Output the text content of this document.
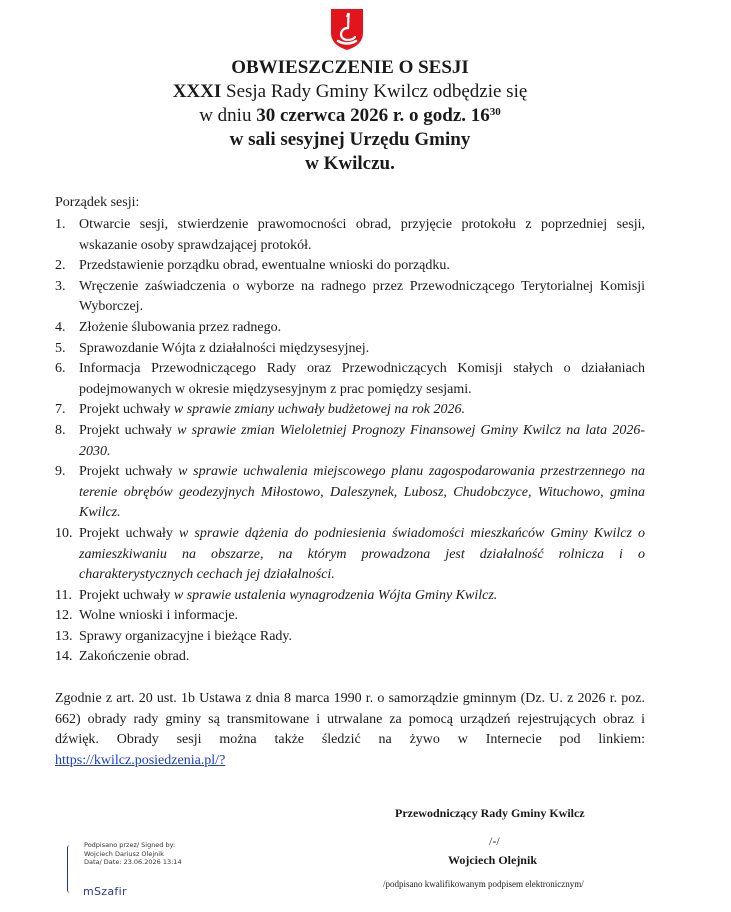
OBWIESZCZENIE O SESJI
XXXI Sesja Rady Gminy Kwilcz odbędzie się
w dniu 30 czerwca 2026 r. o godz. $16^{30}$
w sali sesyjnej Urzędu Gminy
w Kwilczu.
Porządek sesji:
1. Otwarcie sesji, stwierdzenie prawomocności obrad, przyjęcie protokołu z poprzedniej sesji, wskazanie osoby sprawdzającej protokół.
2. Przedstawienie porządku obrad, ewentualne wnioski do porządku.
3. Wręczenie zaświadczenia o wyborze na radnego przez Przewodniczącego Terytorialnej Komisji Wyborczej.
4. Złożenie ślubowania przez radnego.
5. Sprawozdanie Wójta z działalności międzysesyjnej.
6. Informacja Przewodniczącego Rady oraz Przewodniczących Komisji stałych o działaniach podejmowanych w okresie międzysesyjnym z prac pomiędzy sesjami.
7. Projekt uchwały w sprawie zmiany uchwały budżetowej na rok 2026.
8. Projekt uchwały w sprawie zmian Wieloletniej Prognozy Finansowej Gminy Kwilcz na lata 2026-2030.
9. Projekt uchwały w sprawie uchwalenia miejscowego planu zagospodarowania przestrzennego na terenie obrębów geodezyjnych Miłostowo, Daleszynek, Lubosz, Chudobczyce, Wituchowo, gmina Kwilcz.
10. Projekt uchwały w sprawie dążenia do podniesienia świadomości mieszkańców Gminy Kwilcz o zamieszkiwaniu na obszarze, na którym prowadzona jest działalność rolnicza i o charakterystycznych cechach jej działalności.
11. Projekt uchwały w sprawie ustalenia wynagrodzenia Wójta Gminy Kwilcz.
12. Wolne wnioski i informacje.
13. Sprawy organizacyjne i bieżące Rady.
14. Zakończenie obrad.
Zgodnie z art. 20 ust. 1b Ustawa z dnia 8 marca 1990 r. o samorządzie gminnym (Dz. U. z 2026 r. poz. 662) obrady rady gminy są transmitowane i utrwalane za pomocą urządzeń rejestrujących obraz i dźwięk. Obrady sesji można także śledzić na żywo w Internecie pod linkiem: https://kwilcz.posiedzenia.pl/?
Przewodniczący Rady Gminy Kwilcz
/-/
Wojciech Olejnik
/podpisano kwalifikowanym podpisem elektronicznym/
Podpisano przez/ Signed by:
Wojciech Dariusz Olejnik
Data/ Date: 23.06.2026 13:14
mSzafir
